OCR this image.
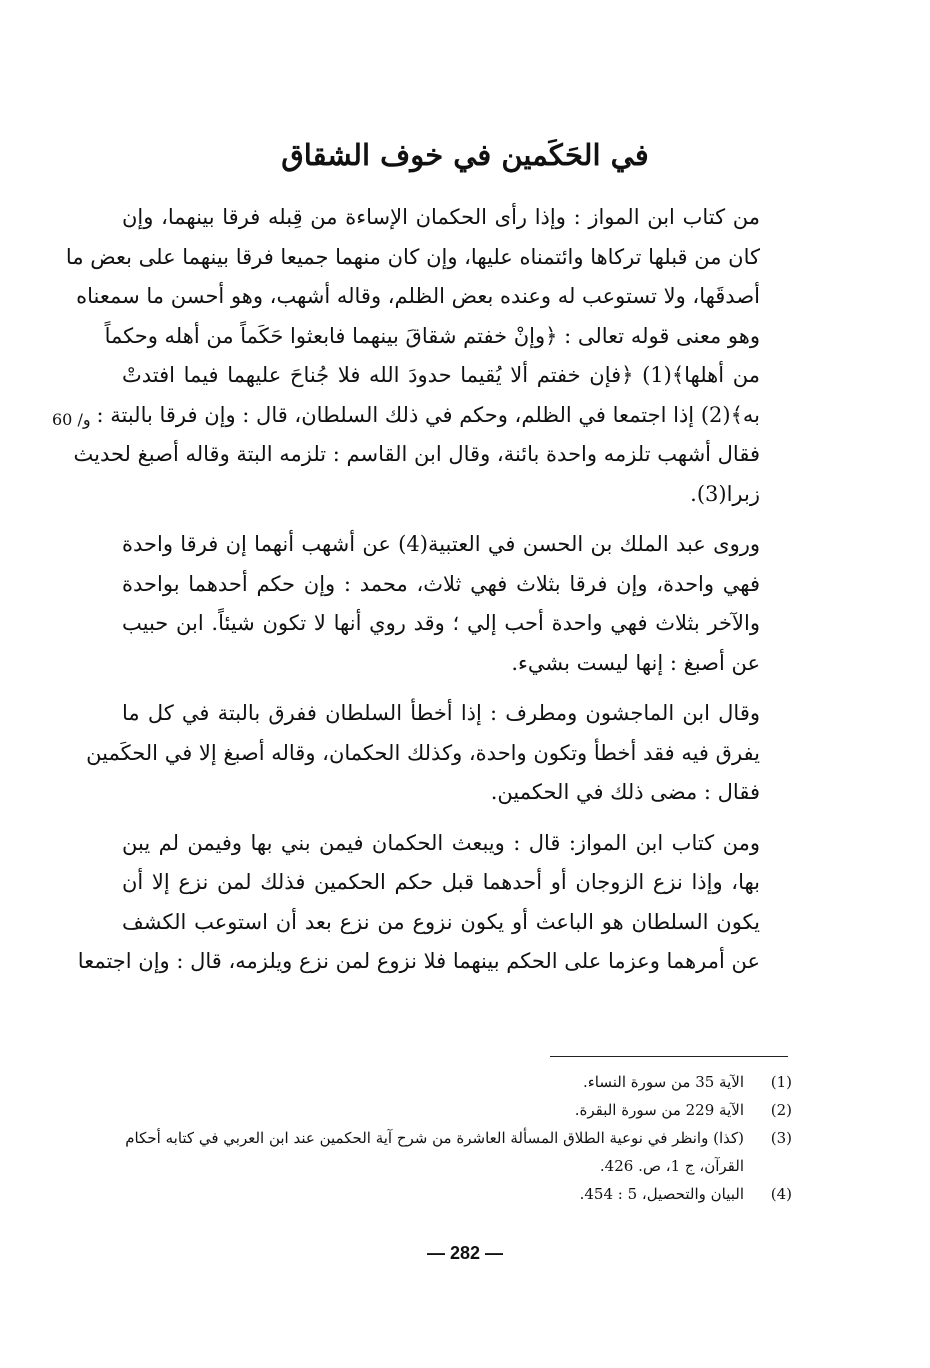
في الحَكَمين في خوف الشقاق
60 /و

من كتاب ابن المواز : وإذا رأى الحكمان الإساءة من قِبله فرقا بينهما، وإن
كان من قبلها تركاها وائتمناه عليها، وإن كان منهما جميعا فرقا بينهما على بعض ما
أصدقَها، ولا تستوعب له وعنده بعض الظلم، وقاله أشهب، وهو أحسن ما سمعناه
وهو معنى قوله تعالى : ﴿وإنْ خفتم شقاقَ بينهما فابعثوا حَكَماً من أهله وحكماً
من أهلها﴾(1) ﴿فإن خفتم ألا يُقيما حدودَ الله فلا جُناحَ عليهما فيما افتدتْ
به﴾(2) إذا اجتمعا في الظلم، وحكم في ذلك السلطان، قال : وإن فرقا بالبتة :
فقال أشهب تلزمه واحدة بائنة، وقال ابن القاسم : تلزمه البتة وقاله أصبغ لحديث
زبرا(3).

وروى عبد الملك بن الحسن في العتبية(4) عن أشهب أنهما إن فرقا واحدة
فهي واحدة، وإن فرقا بثلاث فهي ثلاث، محمد : وإن حكم أحدهما بواحدة
والآخر بثلاث فهي واحدة أحب إلي ؛ وقد روي أنها لا تكون شيئاً. ابن حبيب
عن أصبغ : إنها ليست بشيء.

وقال ابن الماجشون ومطرف : إذا أخطأ السلطان ففرق بالبتة في كل ما
يفرق فيه فقد أخطأ وتكون واحدة، وكذلك الحكمان، وقاله أصبغ إلا في الحكَمين
فقال : مضى ذلك في الحكمين.

ومن كتاب ابن المواز: قال : ويبعث الحكمان فيمن بني بها وفيمن لم يبن
بها، وإذا نزع الزوجان أو أحدهما قبل حكم الحكمين فذلك لمن نزع إلا أن
يكون السلطان هو الباعث أو يكون نزوع من نزع بعد أن استوعب الكشف
عن أمرهما وعزما على الحكم بينهما فلا نزوع لمن نزع ويلزمه، قال : وإن اجتمعا

(1)
الآية 35 من سورة النساء.
(2)
الآية 229 من سورة البقرة.
(3)
(كذا) وانظر في نوعية الطلاق المسألة العاشرة من شرح آية الحكمين عند ابن العربي في كتابه أحكام القرآن، ج 1، ص. 426.
(4)
البيان والتحصيل، 5 : 454.
— 282 —
